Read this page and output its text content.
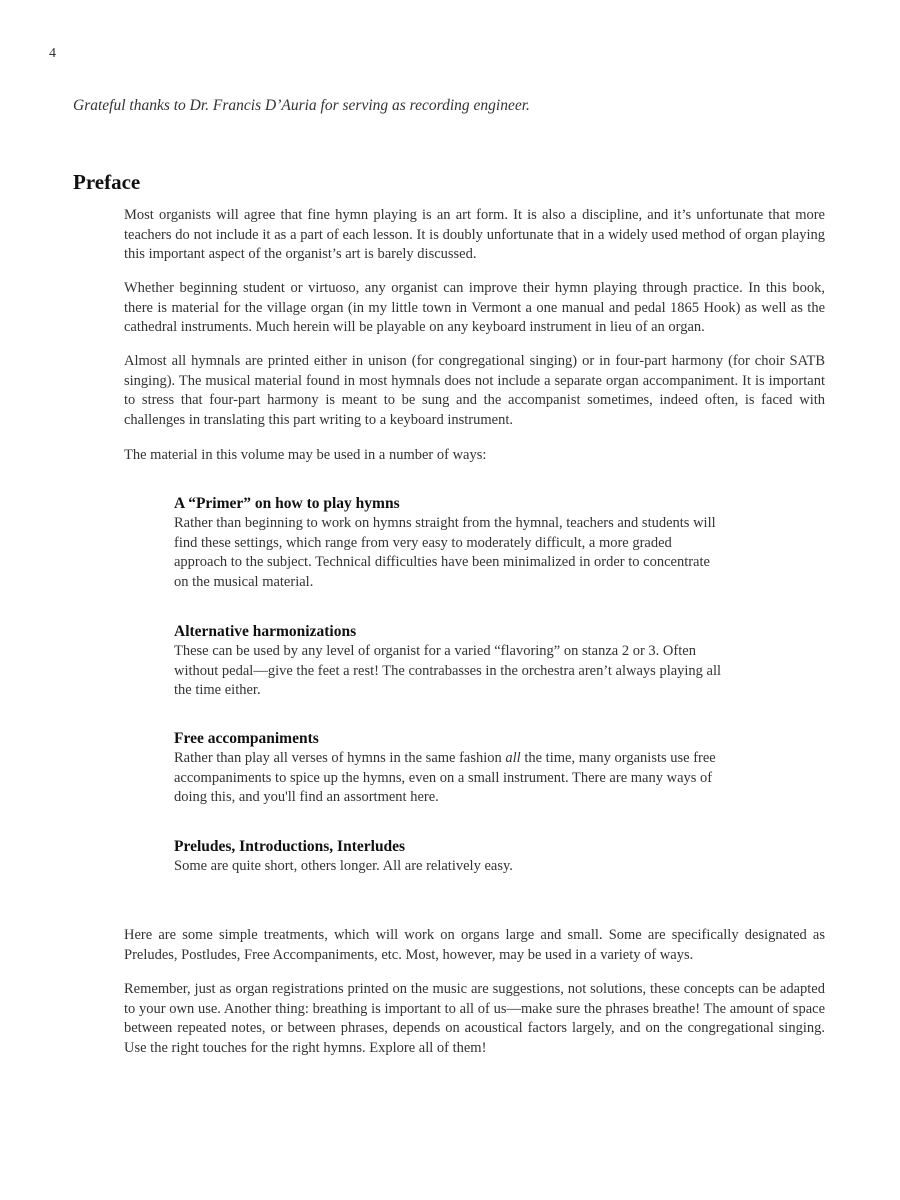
4
Grateful thanks to Dr. Francis D’Auria for serving as recording engineer.
Preface

Most organists will agree that fine hymn playing is an art form. It is also a discipline, and it’s unfortunate that more teachers do not include it as a part of each lesson. It is doubly unfortunate that in a widely used method of organ playing this important aspect of the organist’s art is barely discussed.

Whether beginning student or virtuoso, any organist can improve their hymn playing through practice. In this book, there is material for the village organ (in my little town in Vermont a one manual and pedal 1865 Hook) as well as the cathedral instruments. Much herein will be playable on any keyboard instrument in lieu of an organ.

Almost all hymnals are printed either in unison (for congregational singing) or in four-part harmony (for choir SATB singing). The musical material found in most hymnals does not include a separate organ accompaniment. It is important to stress that four-part harmony is meant to be sung and the accompanist sometimes, indeed often, is faced with challenges in translating this part writing to a keyboard instrument.

The material in this volume may be used in a number of ways:

A “Primer” on how to play hymns

Rather than beginning to work on hymns straight from the hymnal, teachers and students will find these settings, which range from very easy to moderately difficult, a more graded approach to the subject. Technical difficulties have been minimalized in order to concentrate on the musical material.

Alternative harmonizations

These can be used by any level of organist for a varied “flavoring” on stanza 2 or 3. Often without pedal—give the feet a rest! The contrabasses in the orchestra aren’t always playing all the time either.

Free accompaniments

Rather than play all verses of hymns in the same fashion all the time, many organists use free accompaniments to spice up the hymns, even on a small instrument. There are many ways of doing this, and you'll find an assortment here.

Preludes, Introductions, Interludes

Some are quite short, others longer. All are relatively easy.

Here are some simple treatments, which will work on organs large and small. Some are specifically designated as Preludes, Postludes, Free Accompaniments, etc. Most, however, may be used in a variety of ways.

Remember, just as organ registrations printed on the music are suggestions, not solutions, these concepts can be adapted to your own use. Another thing: breathing is important to all of us—make sure the phrases breathe! The amount of space between repeated notes, or between phrases, depends on acoustical factors largely, and on the congregational singing. Use the right touches for the right hymns. Explore all of them!
